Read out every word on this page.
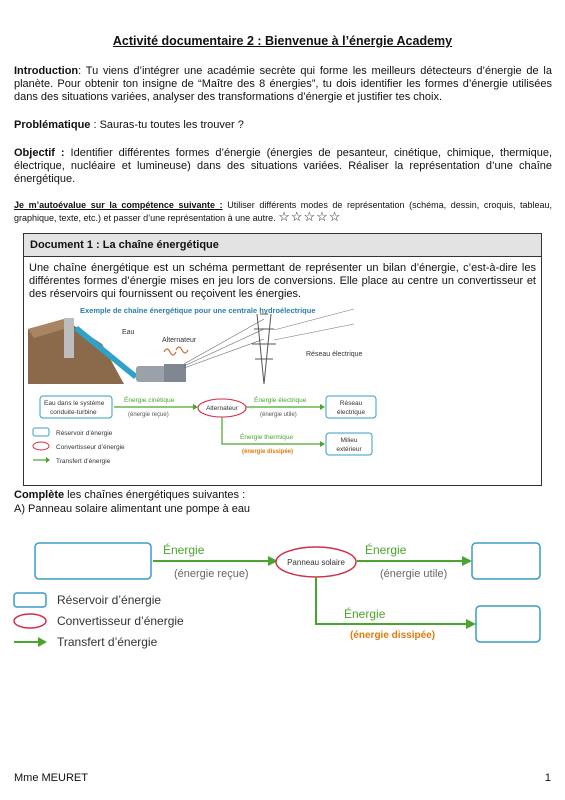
Activité documentaire 2 : Bienvenue à l’énergie Academy
Introduction: Tu viens d’intégrer une académie secrète qui forme les meilleurs détecteurs d’énergie de la planète. Pour obtenir ton insigne de “Maître des 8 énergies”, tu dois identifier les formes d’énergie utilisées dans des situations variées, analyser des transformations d’énergie et justifier tes choix.
Problématique : Sauras-tu toutes les trouver ?
Objectif : Identifier différentes formes d’énergie (énergies de pesanteur, cinétique, chimique, thermique, électrique, nucléaire et lumineuse) dans des situations variées. Réaliser la représentation d’une chaîne énergétique.
Je m’autoévalue sur la compétence suivante : Utiliser différents modes de représentation (schéma, dessin, croquis, tableau, graphique, texte, etc.) et passer d’une représentation à une autre. ☆☆☆☆☆
Document 1 : La chaîne énergétique
Une chaîne énergétique est un schéma permettant de représenter un bilan d’énergie, c’est-à-dire les différentes formes d’énergie mises en jeu lors de conversions. Elle place au centre un convertisseur et des réservoirs qui fournissent ou reçoivent les énergies.
Exemple de chaîne énergétique pour une centrale hydroélectrique
Eau
Alternateur
Réseau électrique
Eau dans le système
conduite-turbine
Énergie cinétique
(énergie reçue)
Alternateur
Énergie électrique
(énergie utile)
Réseau
électrique
Énergie thermique
(énergie dissipée)
Milieu
extérieur
Réservoir d’énergie
Convertisseur d’énergie
Transfert d’énergie
Complète les chaînes énergétiques suivantes :
A) Panneau solaire alimentant une pompe à eau
Énergie
(énergie reçue)
Panneau solaire
Énergie
(énergie utile)
Énergie
(énergie dissipée)
Réservoir d’énergie
Convertisseur d’énergie
Transfert d’énergie
Mme MEURET	1
